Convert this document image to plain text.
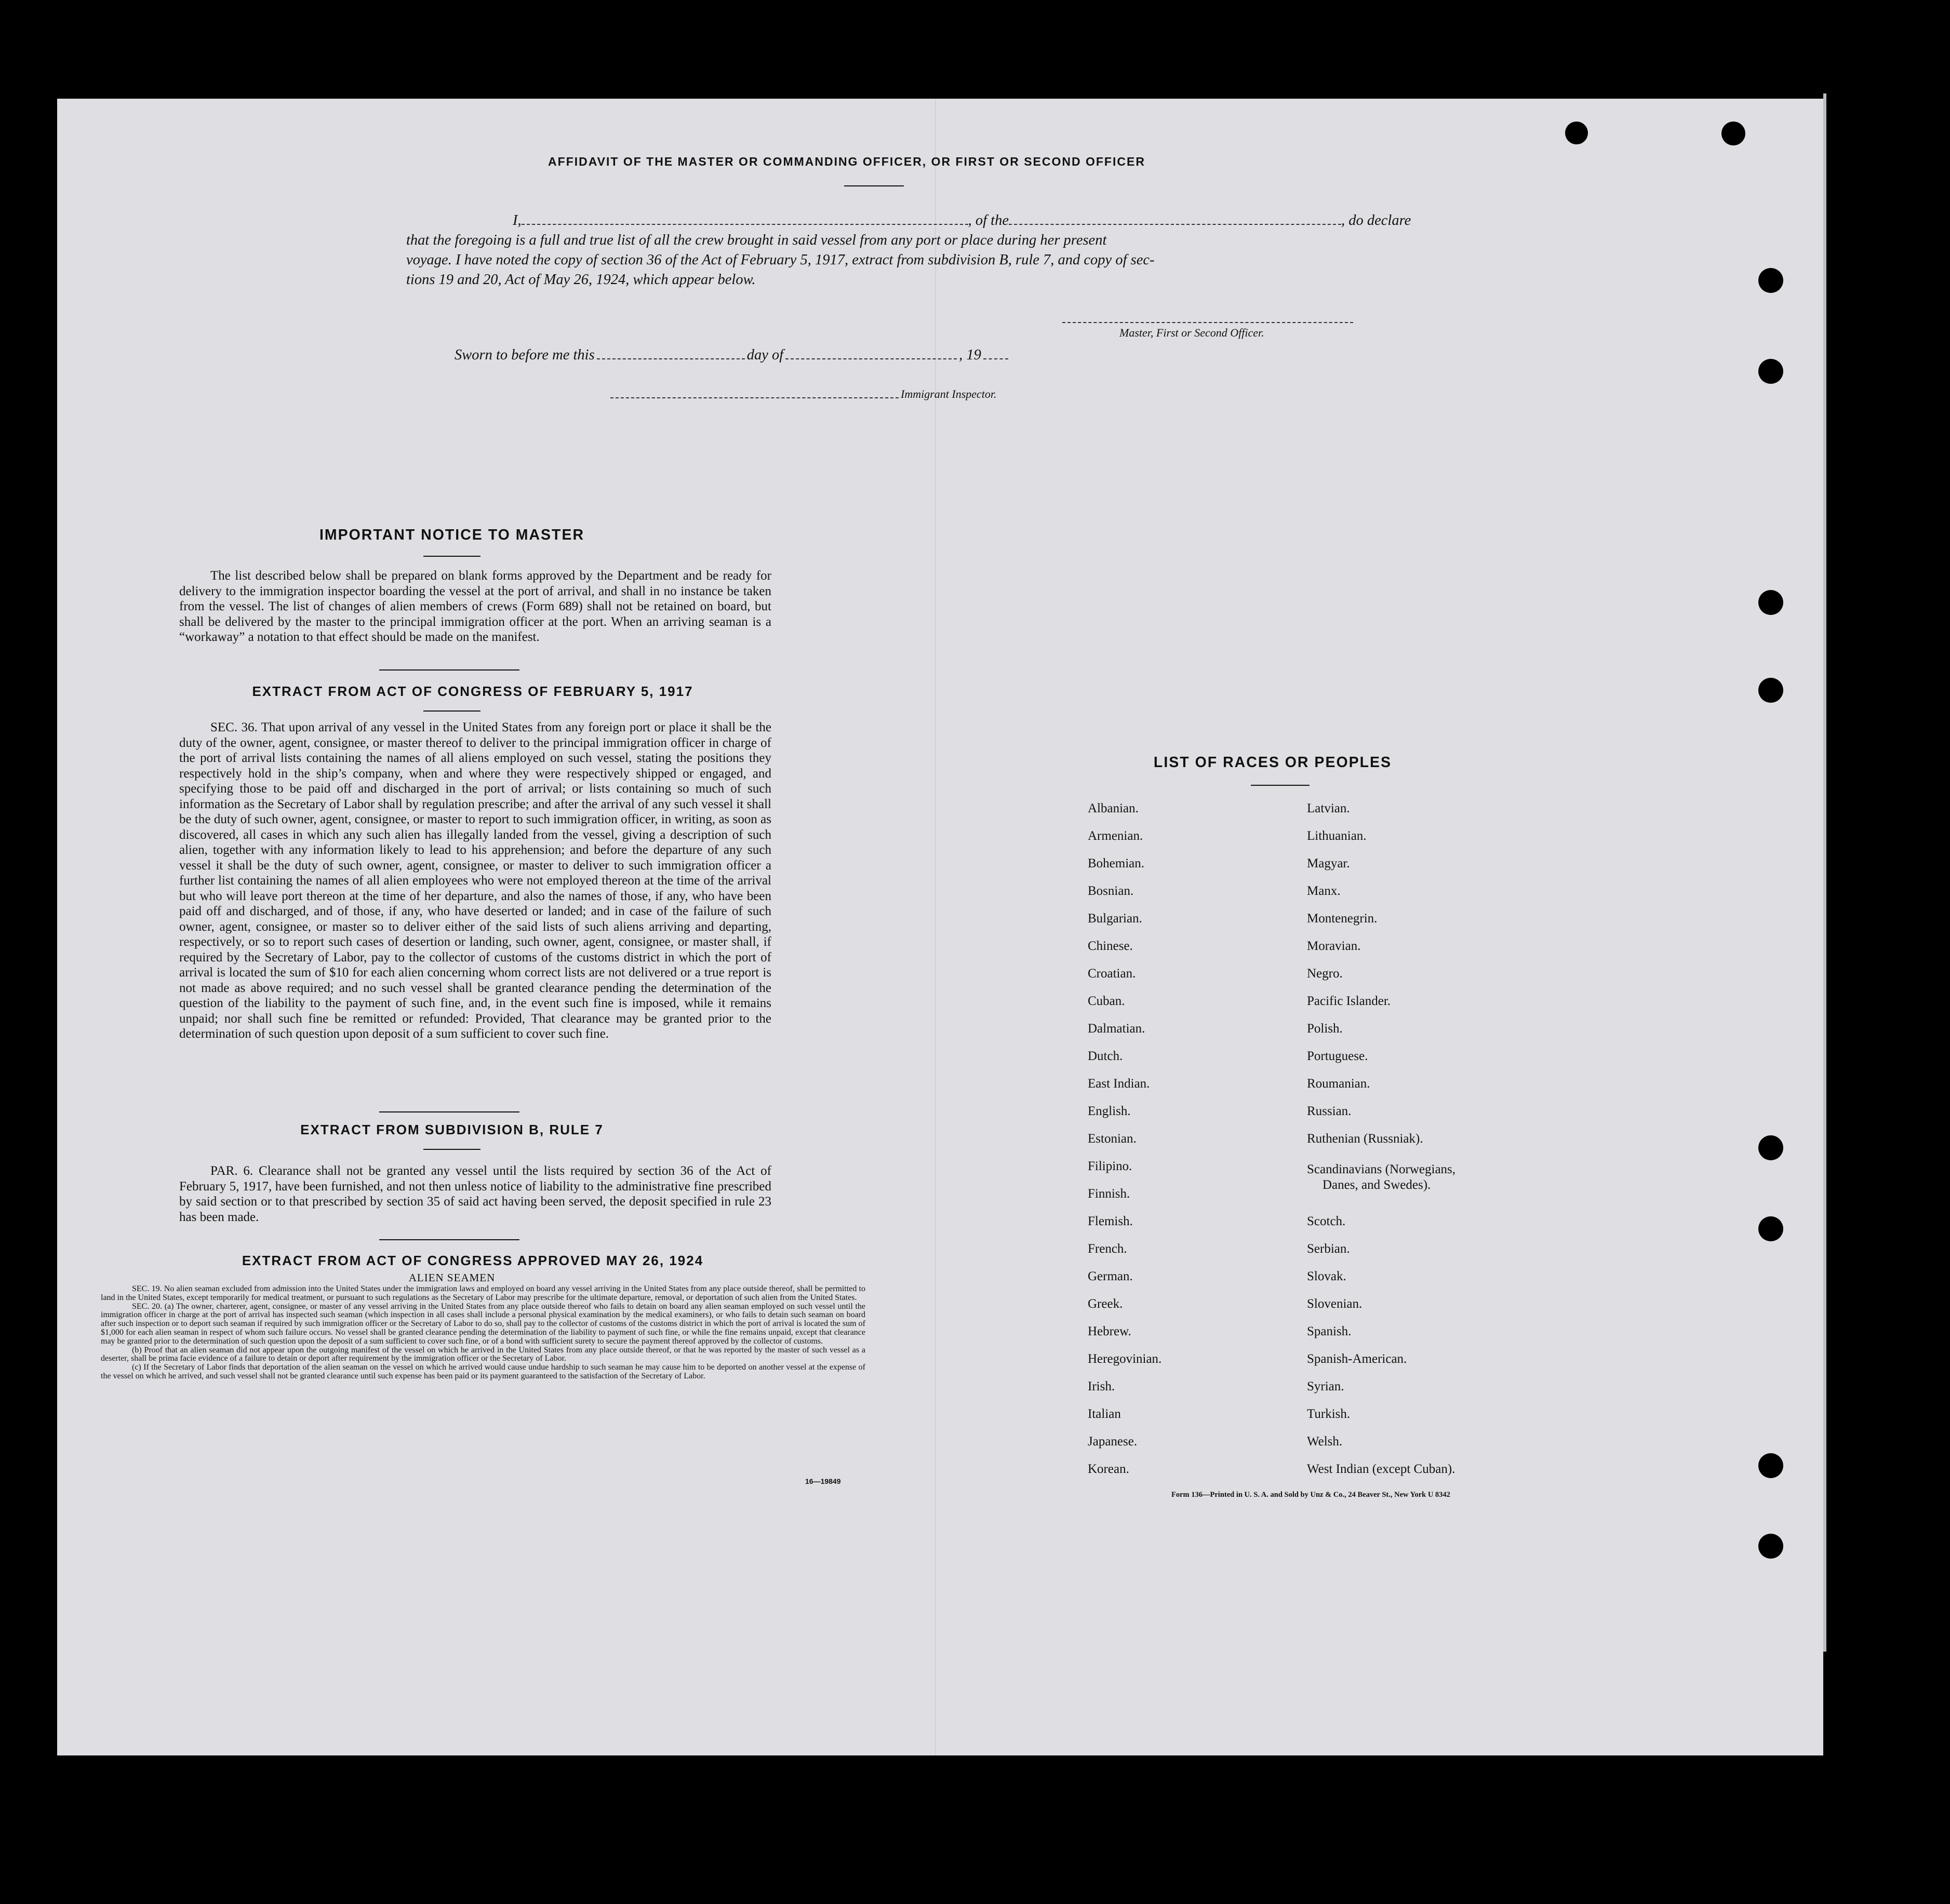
AFFIDAVIT OF THE MASTER OR COMMANDING OFFICER, OR FIRST OR SECOND OFFICER
I,	, of the	, do declare
that the foregoing is a full and true list of all the crew brought in said vessel from any port or place during her present
voyage. I have noted the copy of section 36 of the Act of February 5, 1917, extract from subdivision B, rule 7, and copy of sec-
tions 19 and 20, Act of May 26, 1924, which appear below.
Master, First or Second Officer.
Sworn to before me this	day of	, 19
Immigrant Inspector.
IMPORTANT NOTICE TO MASTER

The list described below shall be prepared on blank forms approved by the Department and be ready for delivery to the immigration inspector boarding the vessel at the port of arrival, and shall in no instance be taken from the vessel. The list of changes of alien members of crews (Form 689) shall not be retained on board, but shall be delivered by the master to the principal immigration officer at the port. When an arriving seaman is a “workaway” a notation to that effect should be made on the manifest.

EXTRACT FROM ACT OF CONGRESS OF FEBRUARY 5, 1917

SEC. 36. That upon arrival of any vessel in the United States from any foreign port or place it shall be the duty of the owner, agent, consignee, or master thereof to deliver to the principal immigration officer in charge of the port of arrival lists containing the names of all aliens employed on such vessel, stating the positions they respectively hold in the ship’s company, when and where they were respectively shipped or engaged, and specifying those to be paid off and discharged in the port of arrival; or lists containing so much of such information as the Secretary of Labor shall by regulation prescribe; and after the arrival of any such vessel it shall be the duty of such owner, agent, consignee, or master to report to such immigration officer, in writing, as soon as discovered, all cases in which any such alien has illegally landed from the vessel, giving a description of such alien, together with any information likely to lead to his apprehension; and before the departure of any such vessel it shall be the duty of such owner, agent, consignee, or master to deliver to such immigration officer a further list containing the names of all alien employees who were not employed thereon at the time of the arrival but who will leave port thereon at the time of her departure, and also the names of those, if any, who have been paid off and discharged, and of those, if any, who have deserted or landed; and in case of the failure of such owner, agent, consignee, or master so to deliver either of the said lists of such aliens arriving and departing, respectively, or so to report such cases of desertion or landing, such owner, agent, consignee, or master shall, if required by the Secretary of Labor, pay to the collector of customs of the customs district in which the port of arrival is located the sum of $10 for each alien concerning whom correct lists are not delivered or a true report is not made as above required; and no such vessel shall be granted clearance pending the determination of the question of the liability to the payment of such fine, and, in the event such fine is imposed, while it remains unpaid; nor shall such fine be remitted or refunded: Provided, That clearance may be granted prior to the determination of such question upon deposit of a sum sufficient to cover such fine.

EXTRACT FROM SUBDIVISION B, RULE 7

PAR. 6. Clearance shall not be granted any vessel until the lists required by section 36 of the Act of February 5, 1917, have been furnished, and not then unless notice of liability to the administrative fine prescribed by said section or to that prescribed by section 35 of said act having been served, the deposit specified in rule 23 has been made.

EXTRACT FROM ACT OF CONGRESS APPROVED MAY 26, 1924
ALIEN SEAMEN

SEC. 19. No alien seaman excluded from admission into the United States under the immigration laws and employed on board any vessel arriving in the United States from any place outside thereof, shall be permitted to land in the United States, except temporarily for medical treatment, or pursuant to such regulations as the Secretary of Labor may prescribe for the ultimate departure, removal, or deportation of such alien from the United States.

SEC. 20. (a) The owner, charterer, agent, consignee, or master of any vessel arriving in the United States from any place outside thereof who fails to detain on board any alien seaman employed on such vessel until the immigration officer in charge at the port of arrival has inspected such seaman (which inspection in all cases shall include a personal physical examination by the medical examiners), or who fails to detain such seaman on board after such inspection or to deport such seaman if required by such immigration officer or the Secretary of Labor to do so, shall pay to the collector of customs of the customs district in which the port of arrival is located the sum of $1,000 for each alien seaman in respect of whom such failure occurs. No vessel shall be granted clearance pending the determination of the liability to payment of such fine, or while the fine remains unpaid, except that clearance may be granted prior to the determination of such question upon the deposit of a sum sufficient to cover such fine, or of a bond with sufficient surety to secure the payment thereof approved by the collector of customs.

(b) Proof that an alien seaman did not appear upon the outgoing manifest of the vessel on which he arrived in the United States from any place outside thereof, or that he was reported by the master of such vessel as a deserter, shall be prima facie evidence of a failure to detain or deport after requirement by the immigration officer or the Secretary of Labor.

(c) If the Secretary of Labor finds that deportation of the alien seaman on the vessel on which he arrived would cause undue hardship to such seaman he may cause him to be deported on another vessel at the expense of the vessel on which he arrived, and such vessel shall not be granted clearance until such expense has been paid or its payment guaranteed to the satisfaction of the Secretary of Labor.

16—19849
LIST OF RACES OR PEOPLES
Albanian.
Armenian.
Bohemian.
Bosnian.
Bulgarian.
Chinese.
Croatian.
Cuban.
Dalmatian.
Dutch.
East Indian.
English.
Estonian.
Filipino.
Finnish.
Flemish.
French.
German.
Greek.
Hebrew.
Heregovinian.
Irish.
Italian
Japanese.
Korean.
Latvian.
Lithuanian.
Magyar.
Manx.
Montenegrin.
Moravian.
Negro.
Pacific Islander.
Polish.
Portuguese.
Roumanian.
Russian.
Ruthenian (Russniak).
Scandinavians (Norwegians,
Danes, and Swedes).
Scotch.
Serbian.
Slovak.
Slovenian.
Spanish.
Spanish-American.
Syrian.
Turkish.
Welsh.
West Indian (except Cuban).
Form 136—Printed in U. S. A. and Sold by Unz & Co., 24 Beaver St., New York U 8342
